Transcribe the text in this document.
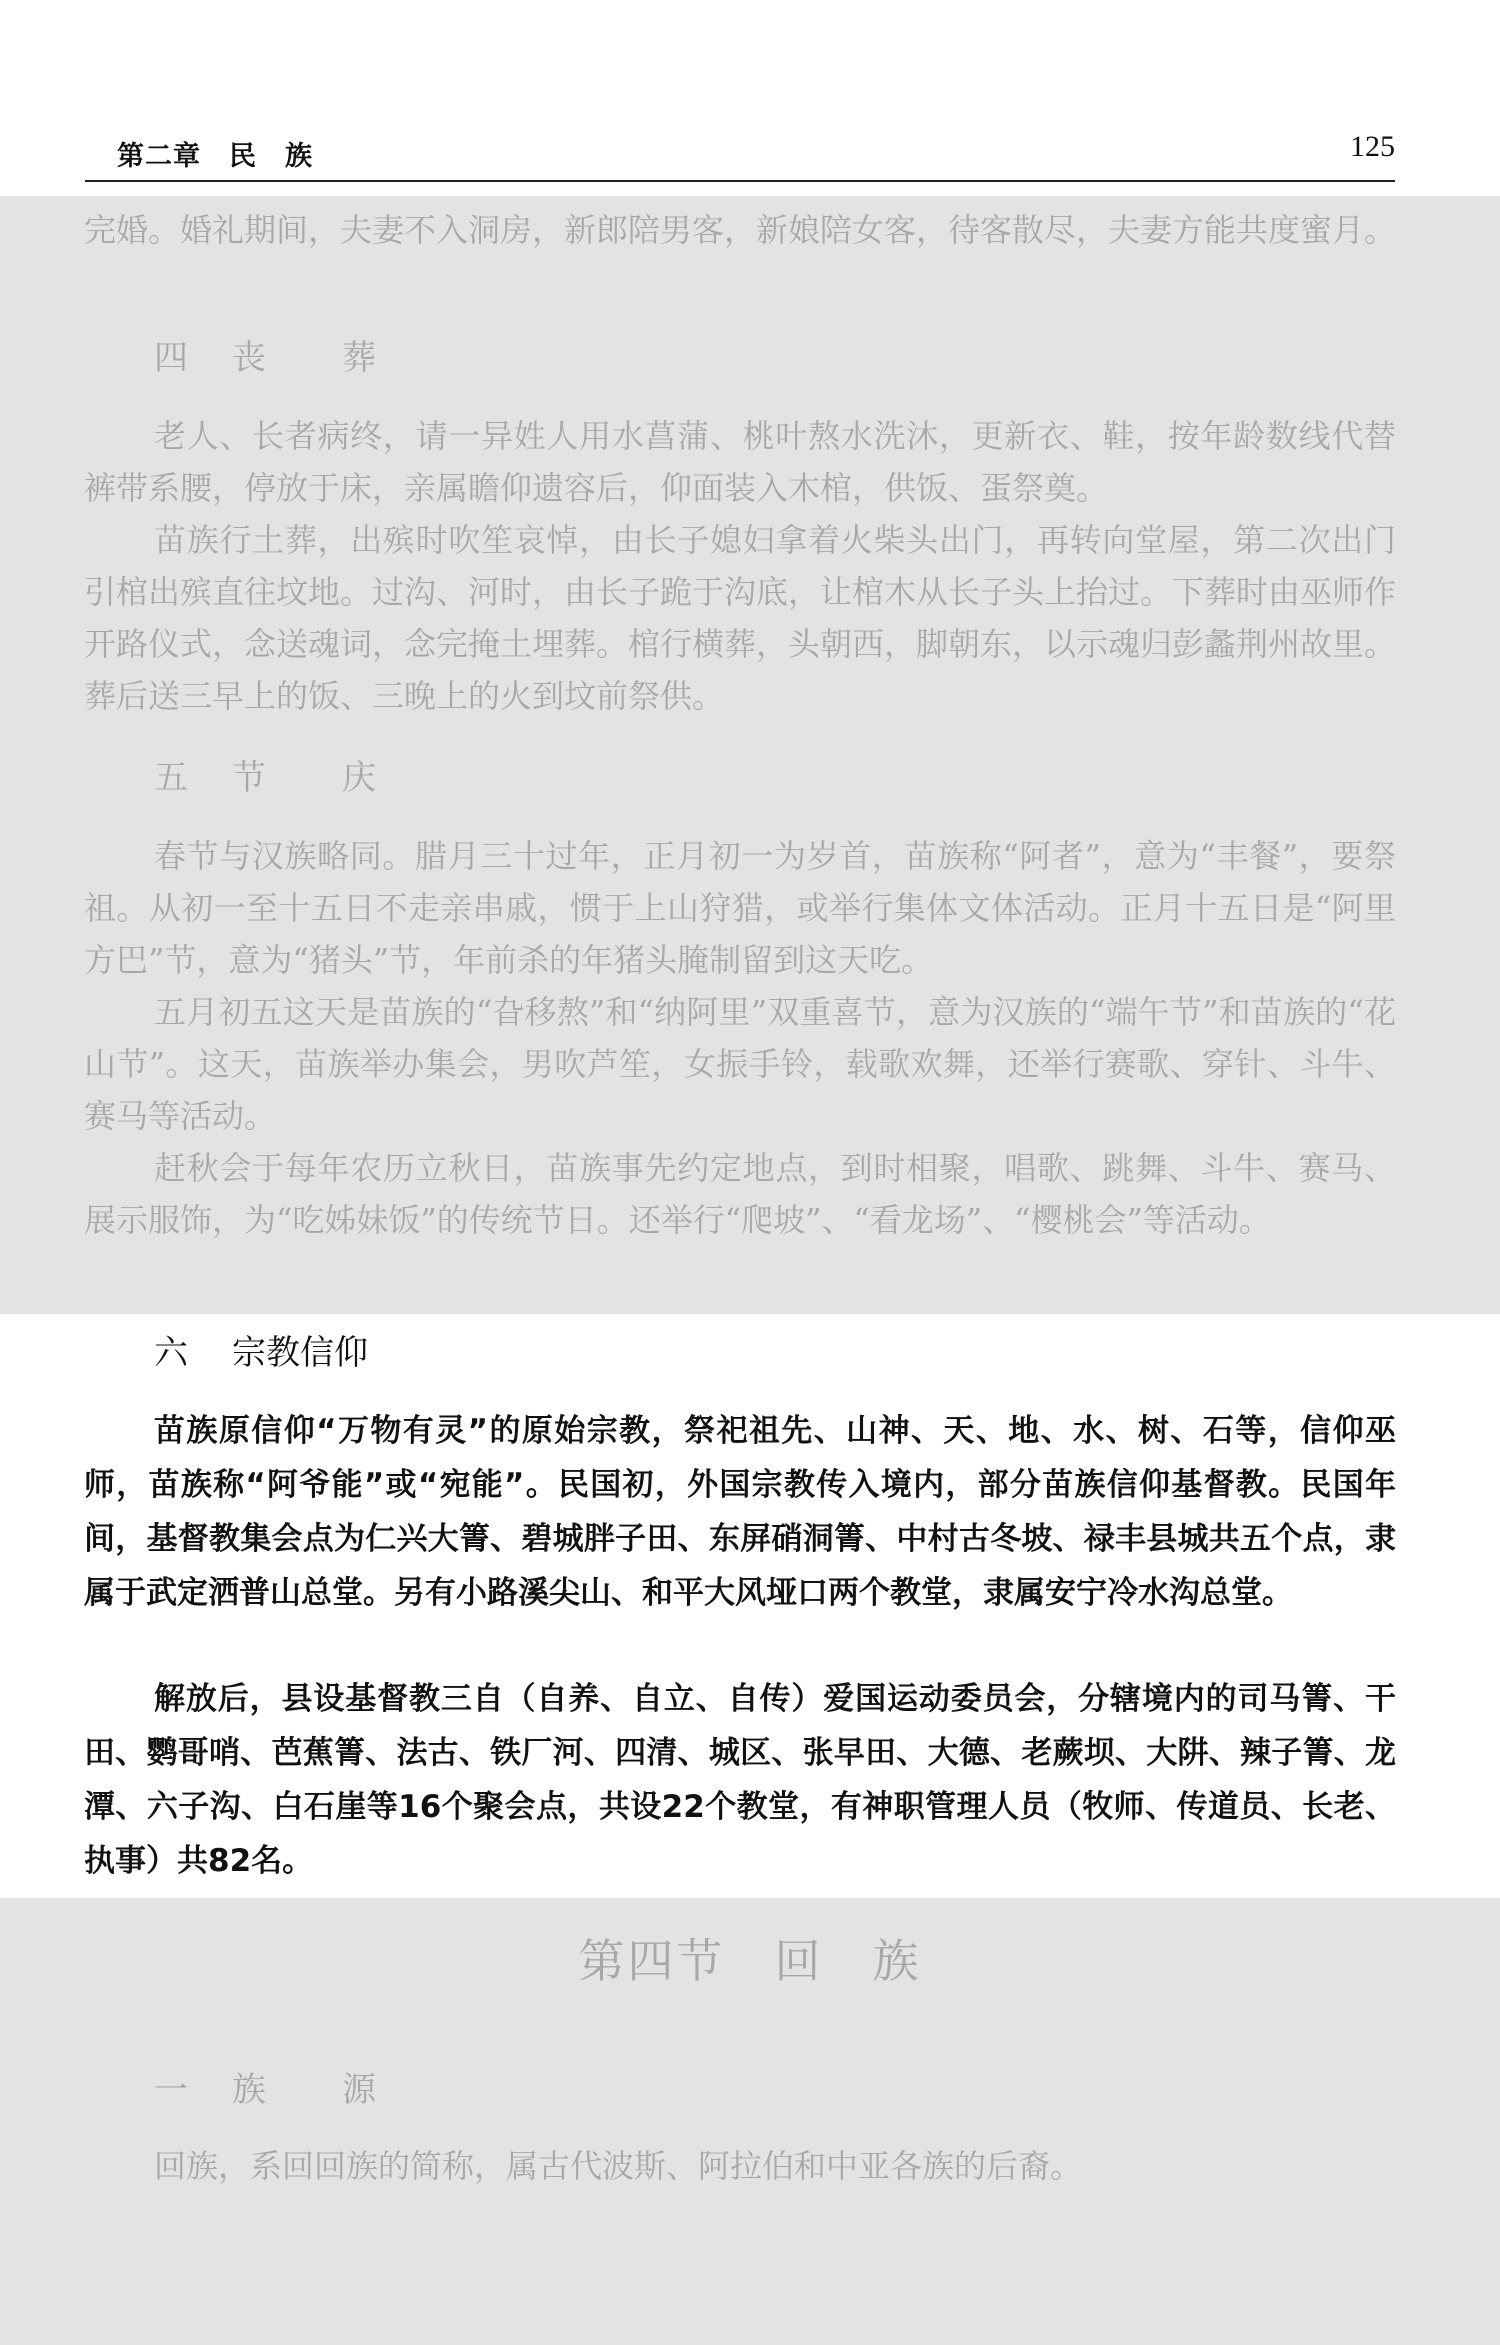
第二章　民　族	125

完婚。婚礼期间，夫妻不入洞房，新郎陪男客，新娘陪女客，待客散尽，夫妻方能共度蜜月。

四 丧 葬

老人、长者病终，请一异姓人用水菖蒲、桃叶熬水洗沐，更新衣、鞋，按年龄数线代替裤带系腰，停放于床，亲属瞻仰遗容后，仰面装入木棺，供饭、蛋祭奠。

苗族行土葬，出殡时吹笙哀悼，由长子媳妇拿着火柴头出门，再转向堂屋，第二次出门引棺出殡直往坟地。过沟、河时，由长子跪于沟底，让棺木从长子头上抬过。下葬时由巫师作开路仪式，念送魂词，念完掩土埋葬。棺行横葬，头朝西，脚朝东，以示魂归彭蠡荆州故里。葬后送三早上的饭、三晚上的火到坟前祭供。

五 节 庆

春节与汉族略同。腊月三十过年，正月初一为岁首，苗族称“阿者”，意为“丰餐”，要祭祖。从初一至十五日不走亲串戚，惯于上山狩猎，或举行集体文体活动。正月十五日是“阿里方巴”节，意为“猪头”节，年前杀的年猪头腌制留到这天吃。

五月初五这天是苗族的“旮移熬”和“纳阿里”双重喜节，意为汉族的“端午节”和苗族的“花山节”。这天，苗族举办集会，男吹芦笙，女振手铃，载歌欢舞，还举行赛歌、穿针、斗牛、赛马等活动。

赶秋会于每年农历立秋日，苗族事先约定地点，到时相聚，唱歌、跳舞、斗牛、赛马、展示服饰，为“吃姊妹饭”的传统节日。还举行“爬坡”、“看龙场”、“樱桃会”等活动。

六 宗教信仰

苗族原信仰“万物有灵”的原始宗教，祭祀祖先、山神、天、地、水、树、石等，信仰巫师，苗族称“阿爷能”或“宛能”。民国初，外国宗教传入境内，部分苗族信仰基督教。民国年间，基督教集会点为仁兴大箐、碧城胖子田、东屏硝洞箐、中村古冬坡、禄丰县城共五个点，隶属于武定洒普山总堂。另有小路溪尖山、和平大风垭口两个教堂，隶属安宁冷水沟总堂。

解放后，县设基督教三自（自养、自立、自传）爱国运动委员会，分辖境内的司马箐、干田、鹦哥哨、芭蕉箐、法古、铁厂河、四清、城区、张早田、大德、老蕨坝、大阱、辣子箐、龙潭、六子沟、白石崖等16个聚会点，共设22个教堂，有神职管理人员（牧师、传道员、长老、执事）共82名。

第四节　回　族
一 族 源

回族，系回回族的简称，属古代波斯、阿拉伯和中亚各族的后裔。
